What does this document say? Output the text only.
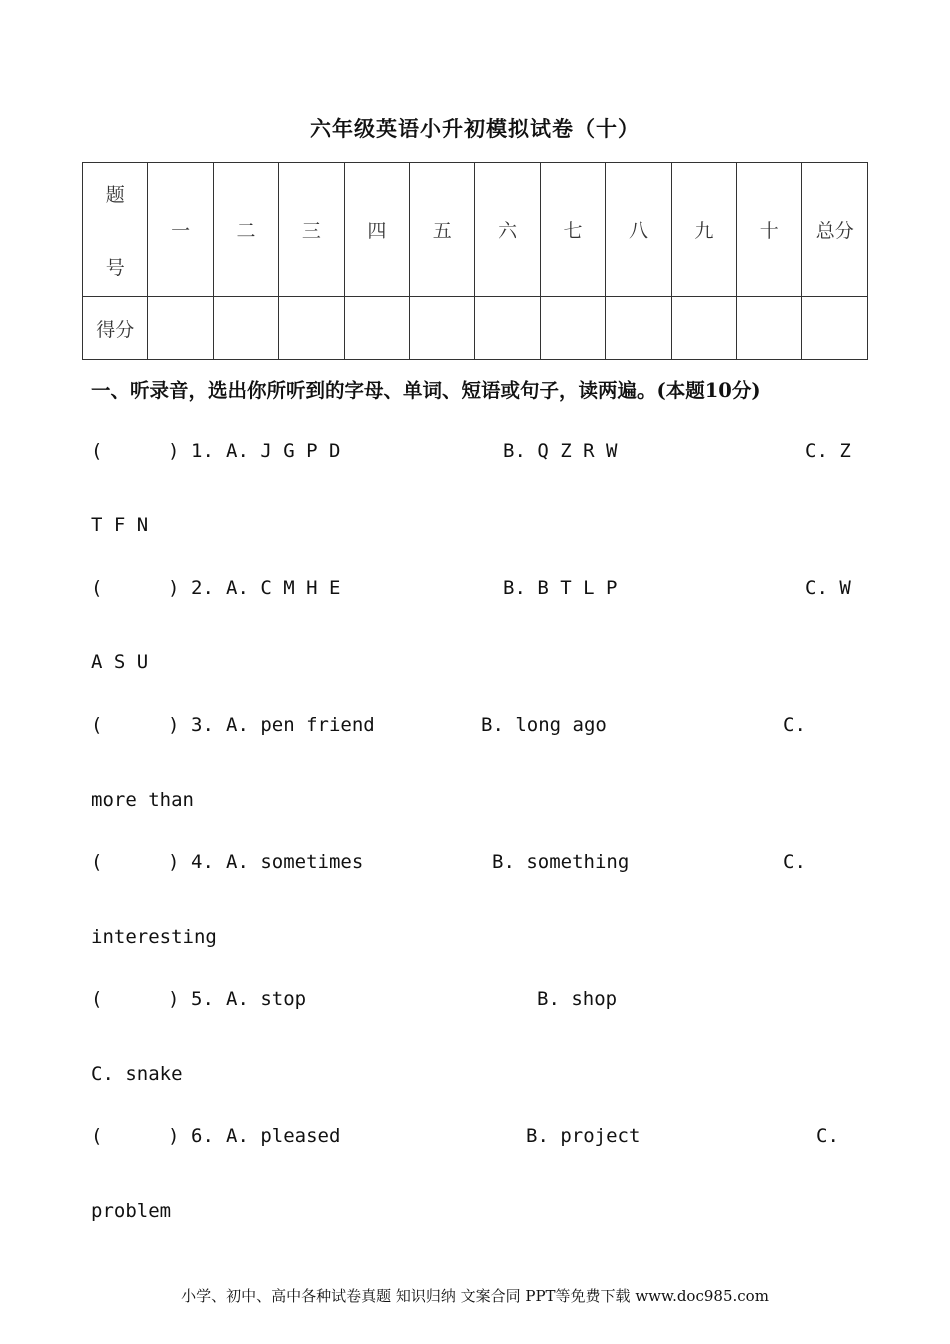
六年级英语小升初模拟试卷（十）
题
号	一	二	三	四	五	六	七	八	九	十	总分
得分											
一、听录音，选出你所听到的字母、单词、短语或句子，读两遍。(本题10分)

(

	)

1.

A. J G P D

	B. Q Z R W

	C. Z

T F N

(

	)

2.

A. C M H E

	B. B T L P

	C. W

A S U

(

	)

3.

A. pen friend

	B. long ago

	C.

more than

(

	)

4.

A. sometimes

	B. something

	C.

interesting

(

	)

5.

A. stop

	B. shop

C. snake

(

	)

6.

A. pleased

	B. project

	C.

problem

小学、初中、高中各种试卷真题 知识归纳 文案合同 PPT等免费下载 www.doc985.com
